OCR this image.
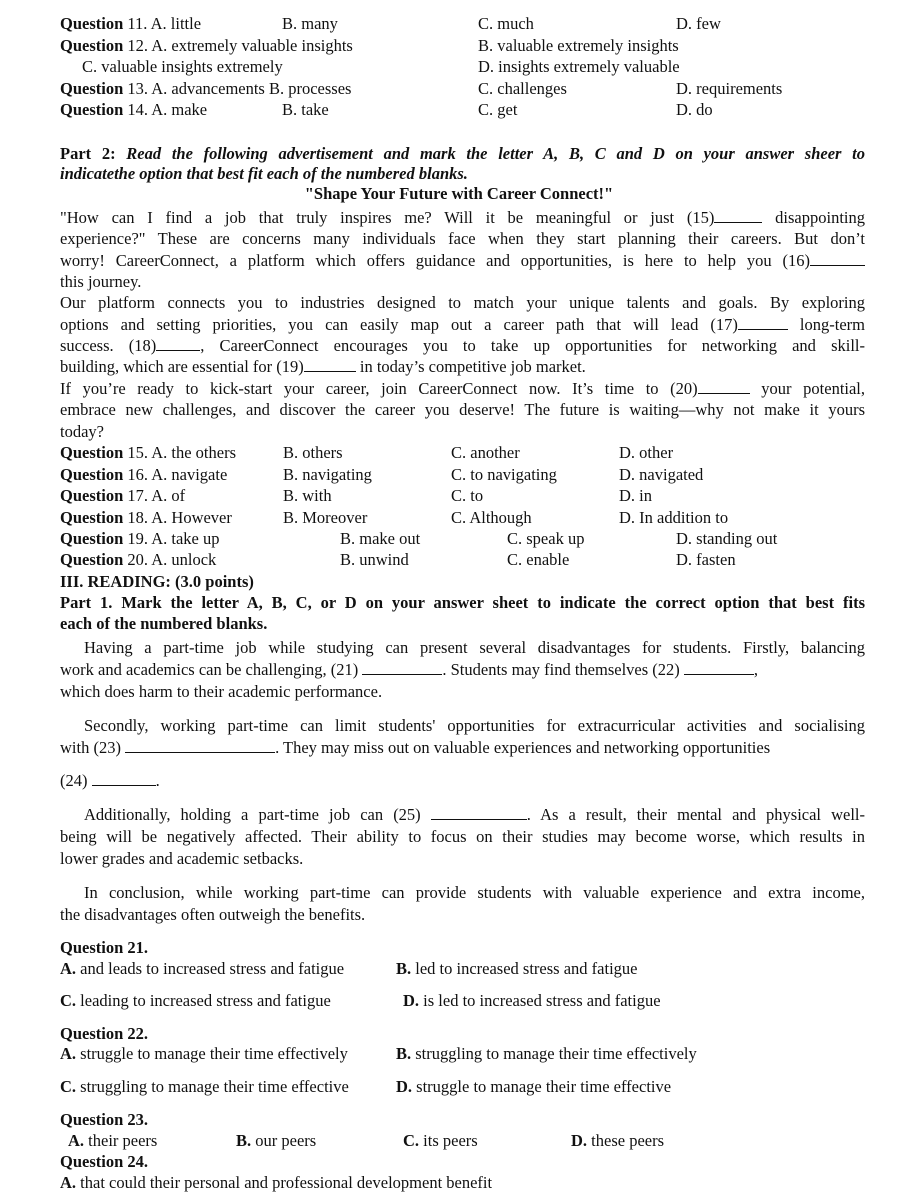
Question 11. A. little	B. many	C. much	D. few
Question 12. A. extremely valuable insights	B. valuable extremely insights
C. valuable insights extremely	D. insights extremely valuable
Question 13. A. advancements B. processes	C. challenges	D. requirements
Question 14. A. make	B. take	C. get	D. do
Part 2: Read the following advertisement and mark the letter A, B, C and D on your answer sheer to
indicatethe option that best fit each of the numbered blanks.
"Shape Your Future with Career Connect!"
"How can I find a job that truly inspires me? Will it be meaningful or just (15)	disappointing
experience?" These are concerns many individuals face when they start planning their careers. But don’t
worry! CareerConnect, a platform which offers guidance and opportunities, is here to help you (16)
this journey.
Our platform connects you to industries designed to match your unique talents and goals. By exploring
options and setting priorities, you can easily map out a career path that will lead (17)	long-term
success. (18)	, CareerConnect encourages you to take up opportunities for networking and skill-
building, which are essential for (19)	in today’s competitive job market.
If you’re ready to kick-start your career, join CareerConnect now. It’s time to (20)	your potential,
embrace new challenges, and discover the career you deserve! The future is waiting—why not make it yours
today?
Question 15. A. the others	B. others	C. another	D. other
Question 16. A. navigate	B. navigating	C. to navigating	D. navigated
Question 17. A. of	B. with	C. to	D. in
Question 18. A. However	B. Moreover	C. Although	D. In addition to
Question 19. A. take up	B. make out	C. speak up	D. standing out
Question 20. A. unlock	B. unwind	C. enable	D. fasten
III. READING: (3.0 points)
Part 1. Mark the letter A, B, C, or D on your answer sheet to indicate the correct option that best fits
each of the numbered blanks.
Having a part-time job while studying can present several disadvantages for students. Firstly, balancing
work and academics can be challenging, (21)	. Students may find themselves (22)	,
which does harm to their academic performance.
Secondly, working part-time can limit students' opportunities for extracurricular activities and socialising
with (23)	. They may miss out on valuable experiences and networking opportunities
(24)	.
Additionally, holding a part-time job can (25)	. As a result, their mental and physical well-
being will be negatively affected. Their ability to focus on their studies may become worse, which results in
lower grades and academic setbacks.
In conclusion, while working part-time can provide students with valuable experience and extra income,
the disadvantages often outweigh the benefits.
Question 21.
A. and leads to increased stress and fatigue	B. led to increased stress and fatigue
C. leading to increased stress and fatigue	D. is led to increased stress and fatigue
Question 22.
A. struggle to manage their time effectively	B. struggling to manage their time effectively
C. struggling to manage their time effective	D. struggle to manage their time effective
Question 23.
A. their peers	B. our peers	C. its peers	D. these peers
Question 24.
A. that could their personal and professional development benefit
